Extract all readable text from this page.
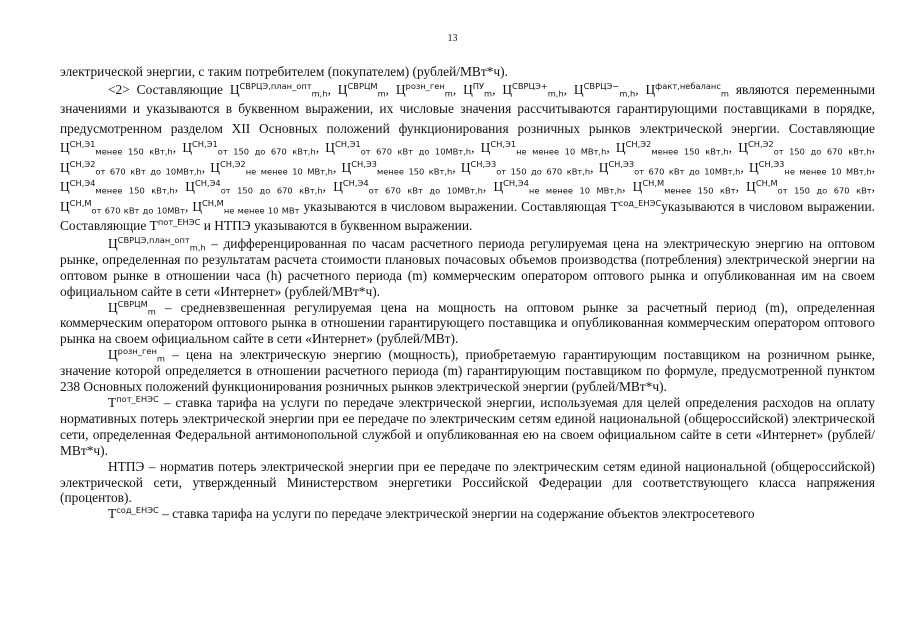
13

электрической энергии, с таким потребителем (покупателем) (рублей/МВт*ч).

<2> Составляющие $Ц^{СВРЦЭ,план\_опт}_{m,h}$, $Ц^{СВРЦМ}_m$, $Ц^{розн\_ген}_m$, $Ц^{ПУ}_m$, $Ц^{СВРЦЭ+}_{m,h}$, $Ц^{СВРЦЭ-}_{m,h}$, $Ц^{факт,небаланс}_m$ являются переменными значениями и указываются в буквенном выражении, их числовые значения рассчитываются гарантирующими поставщиками в порядке, предусмотренном разделом XII Основных положений функционирования розничных рынков электрической энергии. Составляющие $Ц^{СН,Э1}_{менее 150 кВт,h}$, $Ц^{СН,Э1}_{от 150 до 670 кВт,h}$, $Ц^{СН,Э1}_{от 670 кВт до 10МВт,h}$, $Ц^{СН,Э1}_{не менее 10 МВт,h}$, $Ц^{СН,Э2}_{менее 150 кВт,h}$, $Ц^{СН,Э2}_{от 150 до 670 кВт,h}$, $Ц^{СН,Э2}_{от 670 кВт до 10МВт,h}$, $Ц^{СН,Э2}_{не менее 10 МВт,h}$, $Ц^{СН,Э3}_{менее 150 кВт,h}$, $Ц^{СН,Э3}_{от 150 до 670 кВт,h}$, $Ц^{СН,Э3}_{от 670 кВт до 10МВт,h}$, $Ц^{СН,Э3}_{не менее 10 МВт,h}$, $Ц^{СН,Э4}_{менее 150 кВт,h}$, $Ц^{СН,Э4}_{от 150 до 670 кВт,h}$, $Ц^{СН,Э4}_{от 670 кВт до 10МВт,h}$, $Ц^{СН,Э4}_{не менее 10 МВт,h}$, $Ц^{СН,М}_{менее 150 кВт}$, $Ц^{СН,М}_{от 150 до 670 кВт}$, $Ц^{СН,М}_{от 670 кВт до 10МВт}$, $Ц^{СН,М}_{не менее 10 МВт}$ указываются в числовом выражении. Составляющая $Т^{сод\_ЕНЭС}указываются$ в числовом выражении. Составляющие $Т^{пот\_ЕНЭС}$ и НТПЭ указываются в буквенном выражении.

$Ц^{СВРЦЭ,план\_опт}_{m,h}$ – дифференцированная по часам расчетного периода регулируемая цена на электрическую энергию на оптовом рынке, определенная по результатам расчета стоимости плановых почасовых объемов производства (потребления) электрической энергии на оптовом рынке в отношении часа (h) расчетного периода (m) коммерческим оператором оптового рынка и опубликованная им на своем официальном сайте в сети «Интернет» (рублей/МВт*ч).

$Ц^{СВРЦМ}_m$ – средневзвешенная регулируемая цена на мощность на оптовом рынке за расчетный период (m), определенная коммерческим оператором оптового рынка в отношении гарантирующего поставщика и опубликованная коммерческим оператором оптового рынка на своем официальном сайте в сети «Интернет» (рублей/МВт).

$Ц^{розн\_ген}_m$ – цена на электрическую энергию (мощность), приобретаемую гарантирующим поставщиком на розничном рынке, значение которой определяется в отношении расчетного периода (m) гарантирующим поставщиком по формуле, предусмотренной пунктом 238 Основных положений функционирования розничных рынков электрической энергии (рублей/МВт*ч).

$Т^{пот\_ЕНЭС}$ – ставка тарифа на услуги по передаче электрической энергии, используемая для целей определения расходов на оплату нормативных потерь электрической энергии при ее передаче по электрическим сетям единой национальной (общероссийской) электрической сети, определенная Федеральной антимонопольной службой и опубликованная ею на своем официальном сайте в сети «Интернет» (рублей/МВт*ч).

НТПЭ – норматив потерь электрической энергии при ее передаче по электрическим сетям единой национальной (общероссийской) электрической сети, утвержденный Министерством энергетики Российской Федерации для соответствующего класса напряжения (процентов).

$Т^{сод\_ЕНЭС}$ – ставка тарифа на услуги по передаче электрической энергии на содержание объектов электросетевого
